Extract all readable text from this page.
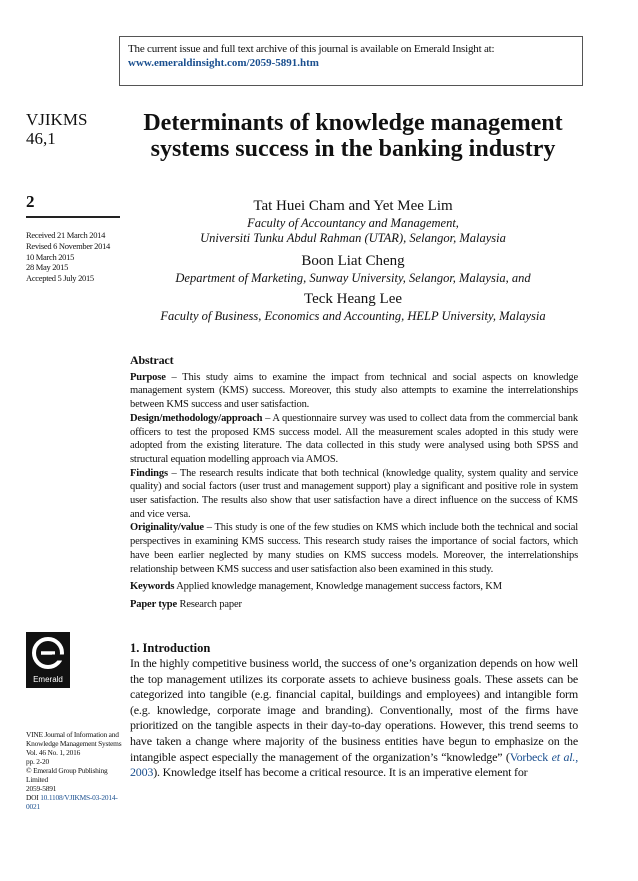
The current issue and full text archive of this journal is available on Emerald Insight at:
www.emeraldinsight.com/2059-5891.htm
VJIKMS
46,1
2
Received 21 March 2014
Revised 6 November 2014
10 March 2015
28 May 2015
Accepted 5 July 2015
Determinants of knowledge management systems success in the banking industry
Tat Huei Cham and Yet Mee Lim
Faculty of Accountancy and Management,
Universiti Tunku Abdul Rahman (UTAR), Selangor, Malaysia
Boon Liat Cheng
Department of Marketing, Sunway University, Selangor, Malaysia, and
Teck Heang Lee
Faculty of Business, Economics and Accounting, HELP University, Malaysia
Abstract

Purpose – This study aims to examine the impact from technical and social aspects on knowledge management system (KMS) success. Moreover, this study also attempts to examine the interrelationships between KMS success and user satisfaction.

Design/methodology/approach – A questionnaire survey was used to collect data from the commercial bank officers to test the proposed KMS success model. All the measurement scales adopted in this study were adopted from the existing literature. The data collected in this study were analysed using both SPSS and structural equation modelling approach via AMOS.

Findings – The research results indicate that both technical (knowledge quality, system quality and service quality) and social factors (user trust and management support) play a significant and positive role in system user satisfaction. The results also show that user satisfaction have a direct influence on the success of KMS and vice versa.

Originality/value – This study is one of the few studies on KMS which include both the technical and social perspectives in examining KMS success. This research study raises the importance of social factors, which have been earlier neglected by many studies on KMS success models. Moreover, the interrelationships relationship between KMS success and user satisfaction also been examined in this study.

Keywords Applied knowledge management, Knowledge management success factors, KM

Paper type Research paper

Emerald
VINE Journal of Information and
Knowledge Management Systems
Vol. 46 No. 1, 2016
pp. 2-20
© Emerald Group Publishing Limited
2059-5891
DOI 10.1108/VJIKMS-03-2014-0021
1. Introduction

In the highly competitive business world, the success of one’s organization depends on how well the top management utilizes its corporate assets to achieve business goals. These assets can be categorized into tangible (e.g. financial capital, buildings and employees) and intangible form (e.g. knowledge, corporate image and branding). Conventionally, most of the firms have prioritized on the tangible aspects in their day-to-day operations. However, this trend seems to have taken a change where majority of the business entities have begun to emphasize on the intangible aspect especially the management of the organization’s “knowledge” (Vorbeck et al., 2003). Knowledge itself has become a critical resource. It is an imperative element for
